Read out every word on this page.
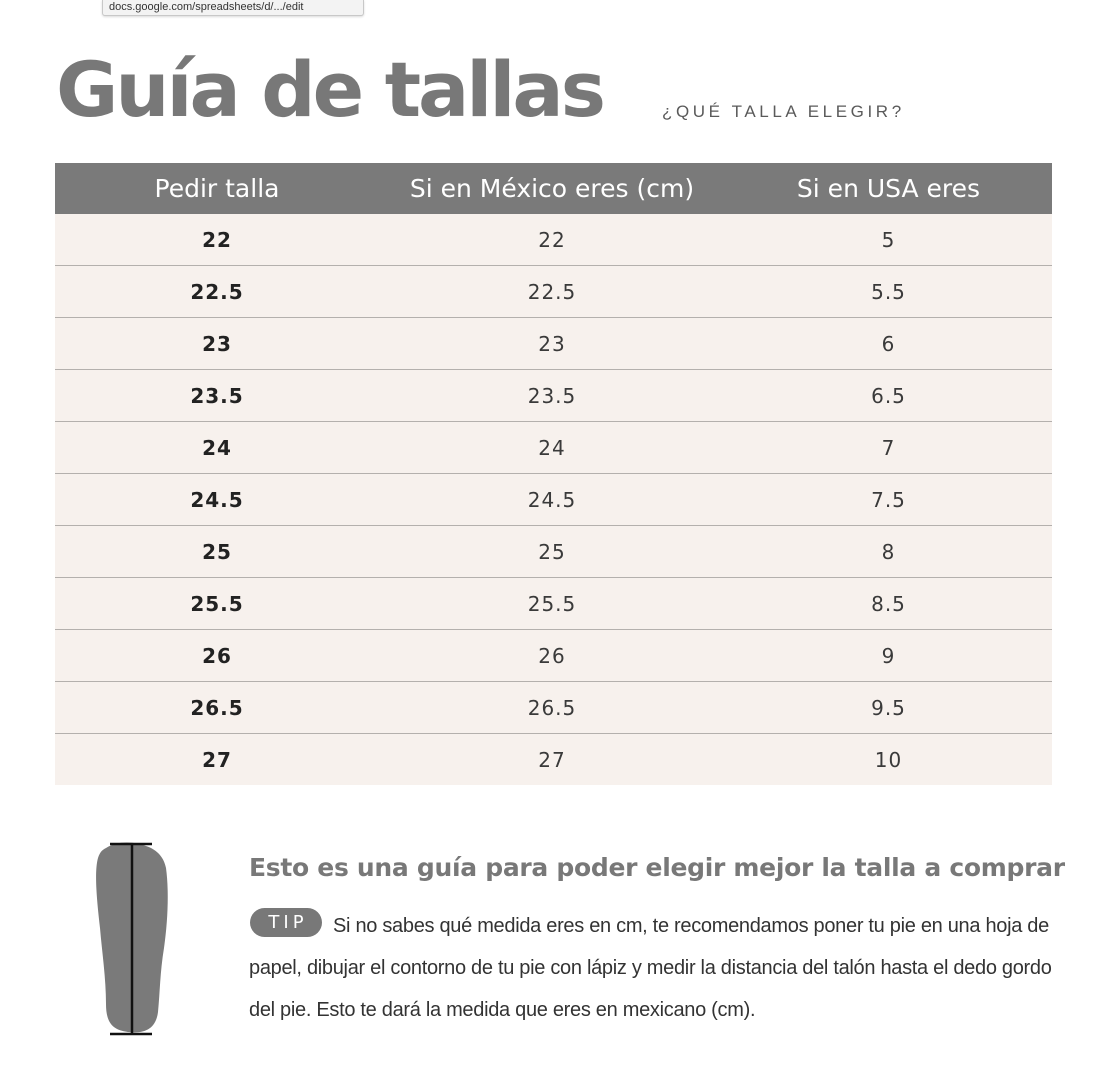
docs.google.com/spreadsheets/d/.../edit
Guía de tallas	¿QUÉ TALLA ELEGIR?
Pedir talla	Si en México eres (cm)	Si en USA eres
22	22	5
22.5	22.5	5.5
23	23	6
23.5	23.5	6.5
24	24	7
24.5	24.5	7.5
25	25	8
25.5	25.5	8.5
26	26	9
26.5	26.5	9.5
27	27	10
Esto es una guía para poder elegir mejor la talla a comprar
TIP	Si no sabes qué medida eres en cm, te recomendamos poner tu pie en una hoja de papel, dibujar el contorno de tu pie con lápiz y medir la distancia del talón hasta el dedo gordo del pie. Esto te dará la medida que eres en mexicano (cm).
